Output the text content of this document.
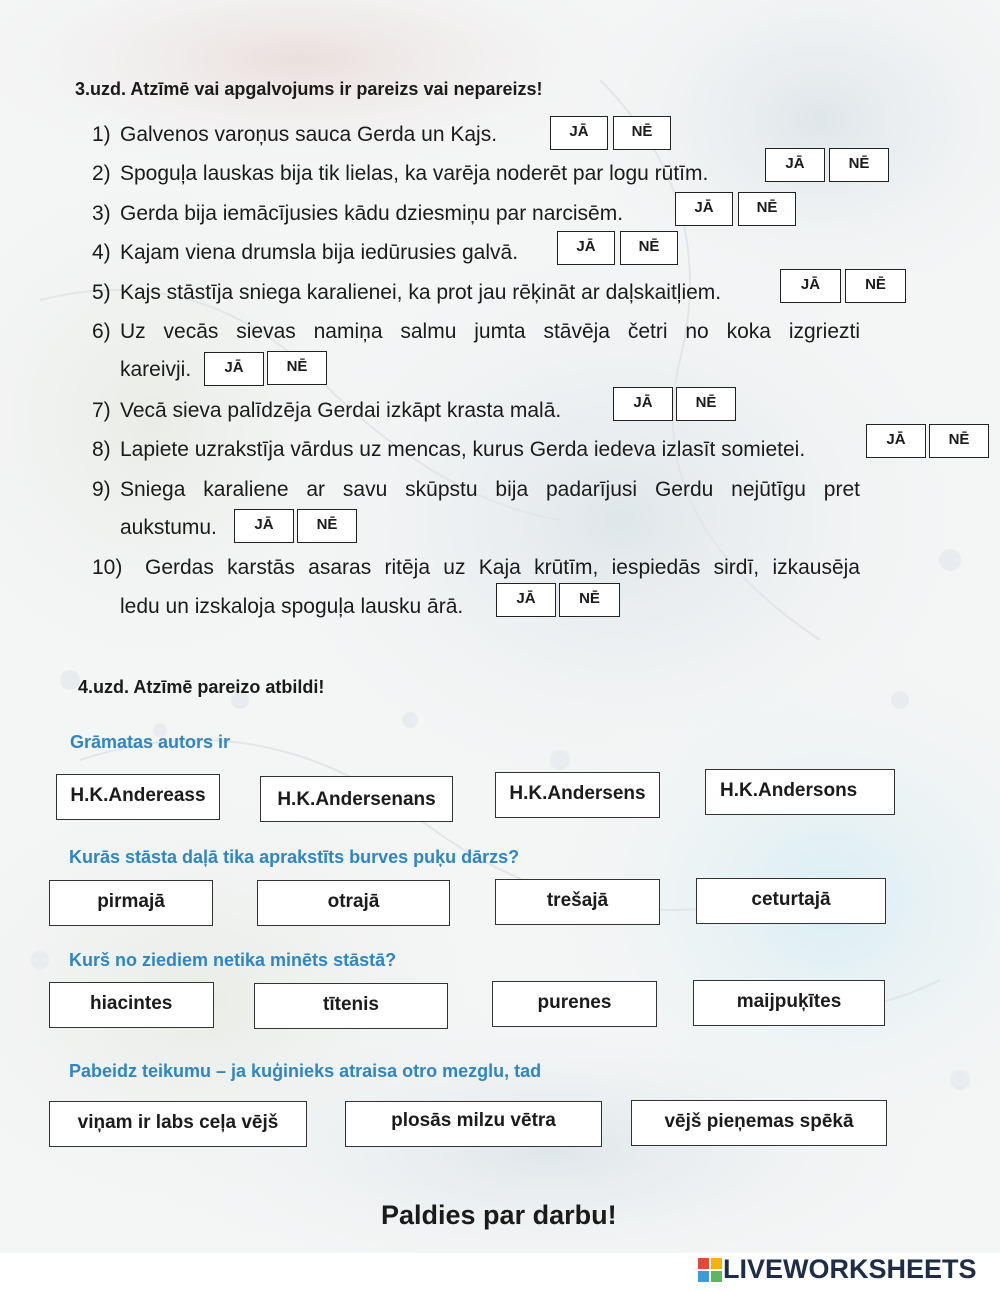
3.uzd. Atzīmē vai apgalvojums ir pareizs vai nepareizs!
1) Galvenos varoņus sauca Gerda un Kajs.	JĀ	NĒ
2) Spoguļa lauskas bija tik lielas, ka varēja noderēt par logu rūtīm.	JĀ	NĒ
3) Gerda bija iemācījusies kādu dziesmiņu par narcisēm.	JĀ	NĒ
4) Kajam viena drumsla bija iedūrusies galvā.	JĀ	NĒ
5) Kajs stāstīja sniega karalienei, ka prot jau rēķināt ar daļskaitļiem.	JĀ	NĒ
6) Uz vecās sievas namiņa salmu jumta stāvēja četri no koka izgriezti
kareivji.	JĀ	NĒ
7) Vecā sieva palīdzēja Gerdai izkāpt krasta malā.	JĀ	NĒ
8) Lapiete uzrakstīja vārdus uz mencas, kurus Gerda iedeva izlasīt somietei.	JĀ	NĒ
9) Sniega karaliene ar savu skūpstu bija padarījusi Gerdu nejūtīgu pret
aukstumu.	JĀ	NĒ
10) Gerdas karstās asaras ritēja uz Kaja krūtīm, iespiedās sirdī, izkausēja
ledu un izskaloja spoguļa lausku ārā.	JĀ	NĒ
4.uzd. Atzīmē pareizo atbildi!
Grāmatas autors ir
H.K.Andereass	H.K.Andersenans	H.K.Andersens	H.K.Andersons
Kurās stāsta daļā tika aprakstīts burves puķu dārzs?
pirmajā	otrajā	trešajā	ceturtajā
Kurš no ziediem netika minēts stāstā?
hiacintes	tītenis	purenes	maijpuķītes
Pabeidz teikumu – ja kuģinieks atraisa otro mezglu, tad
viņam ir labs ceļa vējš	plosās milzu vētra	vējš pieņemas spēkā
Paldies par darbu!
LIVEWORKSHEETS
